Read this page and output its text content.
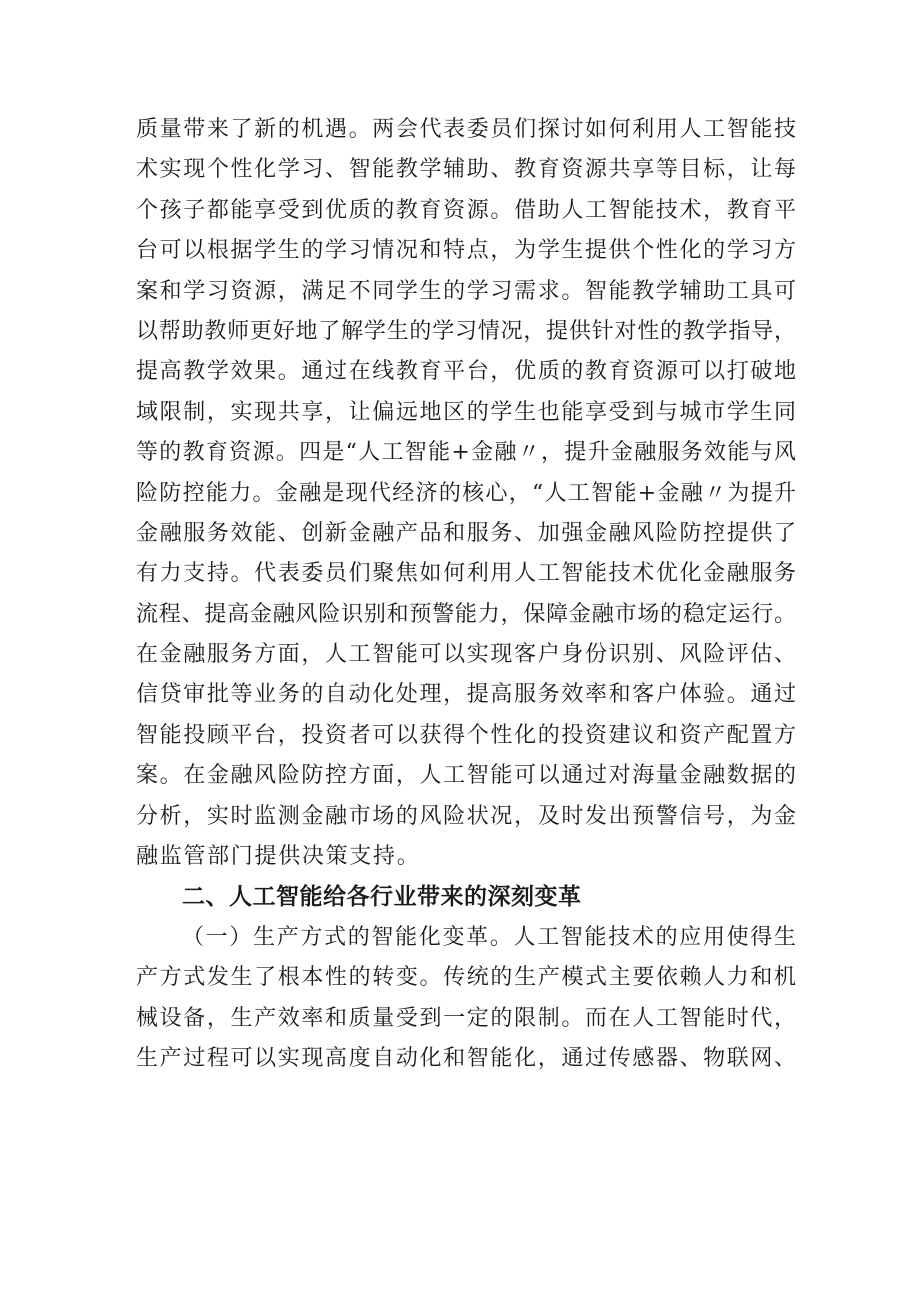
质量带来了新的机遇。两会代表委员们探讨如何利用人工智能技
术实现个性化学习、智能教学辅助、教育资源共享等目标，让每
个孩子都能享受到优质的教育资源。借助人工智能技术，教育平
台可以根据学生的学习情况和特点，为学生提供个性化的学习方
案和学习资源，满足不同学生的学习需求。智能教学辅助工具可
以帮助教师更好地了解学生的学习情况，提供针对性的教学指导，
提高教学效果。通过在线教育平台，优质的教育资源可以打破地
域限制，实现共享，让偏远地区的学生也能享受到与城市学生同
等的教育资源。四是“人工智能+金融〃，提升金融服务效能与风
险防控能力。金融是现代经济的核心，“人工智能+金融〃为提升
金融服务效能、创新金融产品和服务、加强金融风险防控提供了
有力支持。代表委员们聚焦如何利用人工智能技术优化金融服务
流程、提高金融风险识别和预警能力，保障金融市场的稳定运行。
在金融服务方面，人工智能可以实现客户身份识别、风险评估、
信贷审批等业务的自动化处理，提高服务效率和客户体验。通过
智能投顾平台，投资者可以获得个性化的投资建议和资产配置方
案。在金融风险防控方面，人工智能可以通过对海量金融数据的
分析，实时监测金融市场的风险状况，及时发出预警信号，为金
融监管部门提供决策支持。
二、人工智能给各行业带来的深刻变革
（一）生产方式的智能化变革。人工智能技术的应用使得生
产方式发生了根本性的转变。传统的生产模式主要依赖人力和机
械设备，生产效率和质量受到一定的限制。而在人工智能时代，
生产过程可以实现高度自动化和智能化，通过传感器、物联网、
